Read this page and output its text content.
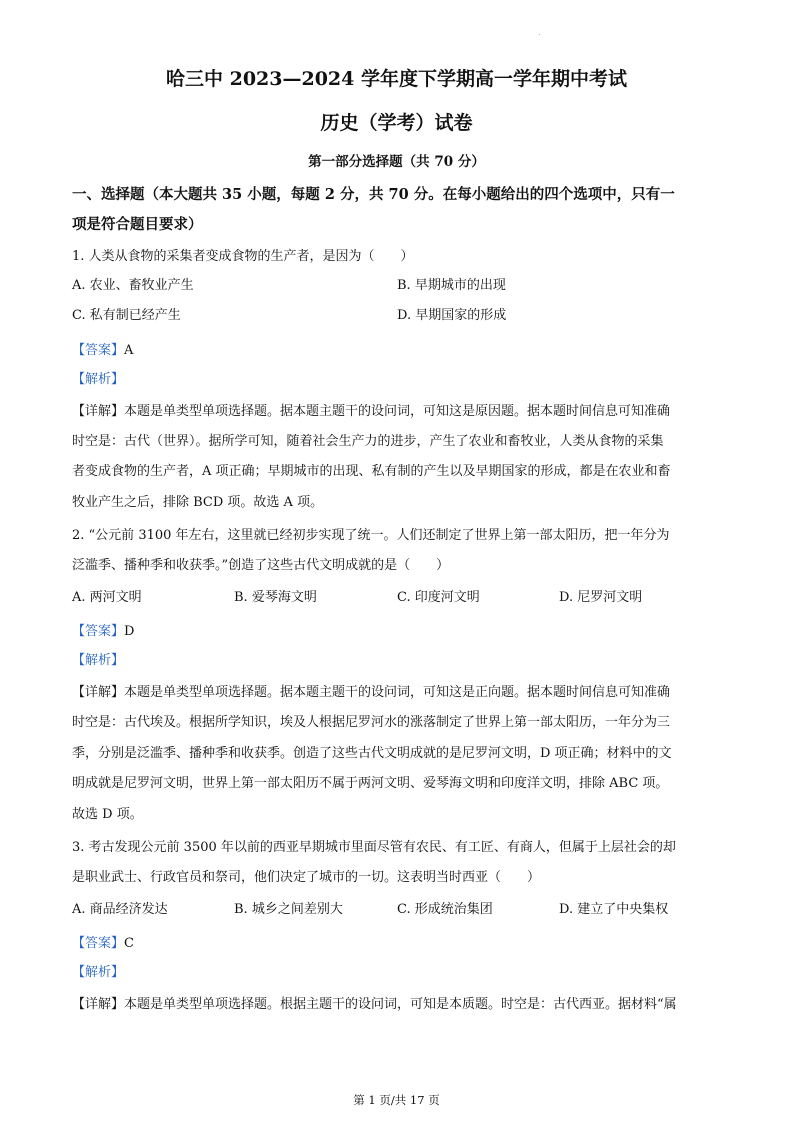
.
哈三中 2023—2024 学年度下学期高一学年期中考试
历史（学考）试卷
第一部分选择题（共 70 分）
一、选择题（本大题共 35 小题，每题 2 分，共 70 分。在每小题给出的四个选项中，只有一
项是符合题目要求）
1. 人类从食物的采集者变成食物的生产者，是因为（　　）
A. 农业、畜牧业产生	B. 早期城市的出现
C. 私有制已经产生	D. 早期国家的形成
【答案】A
【解析】
【详解】本题是单类型单项选择题。据本题主题干的设问词，可知这是原因题。据本题时间信息可知准确
时空是：古代（世界）。据所学可知，随着社会生产力的进步，产生了农业和畜牧业，人类从食物的采集
者变成食物的生产者，A 项正确；早期城市的出现、私有制的产生以及早期国家的形成，都是在农业和畜
牧业产生之后，排除 BCD 项。故选 A 项。
2. “公元前 3100 年左右，这里就已经初步实现了统一。人们还制定了世界上第一部太阳历，把一年分为
泛滥季、播种季和收获季。”创造了这些古代文明成就的是（　　）
A. 两河文明	B. 爱琴海文明	C. 印度河文明	D. 尼罗河文明
【答案】D
【解析】
【详解】本题是单类型单项选择题。据本题主题干的设问词，可知这是正向题。据本题时间信息可知准确
时空是：古代埃及。根据所学知识，埃及人根据尼罗河水的涨落制定了世界上第一部太阳历，一年分为三
季，分别是泛滥季、播种季和收获季。创造了这些古代文明成就的是尼罗河文明，D 项正确；材料中的文
明成就是尼罗河文明，世界上第一部太阳历不属于两河文明、爱琴海文明和印度洋文明，排除 ABC 项。
故选 D 项。
3. 考古发现公元前 3500 年以前的西亚早期城市里面尽管有农民、有工匠、有商人，但属于上层社会的却
是职业武士、行政官员和祭司，他们决定了城市的一切。这表明当时西亚（　　）
A. 商品经济发达	B. 城乡之间差别大	C. 形成统治集团	D. 建立了中央集权
【答案】C
【解析】
【详解】本题是单类型单项选择题。根据主题干的设问词，可知是本质题。时空是：古代西亚。据材料“属
第 1 页/共 17 页
